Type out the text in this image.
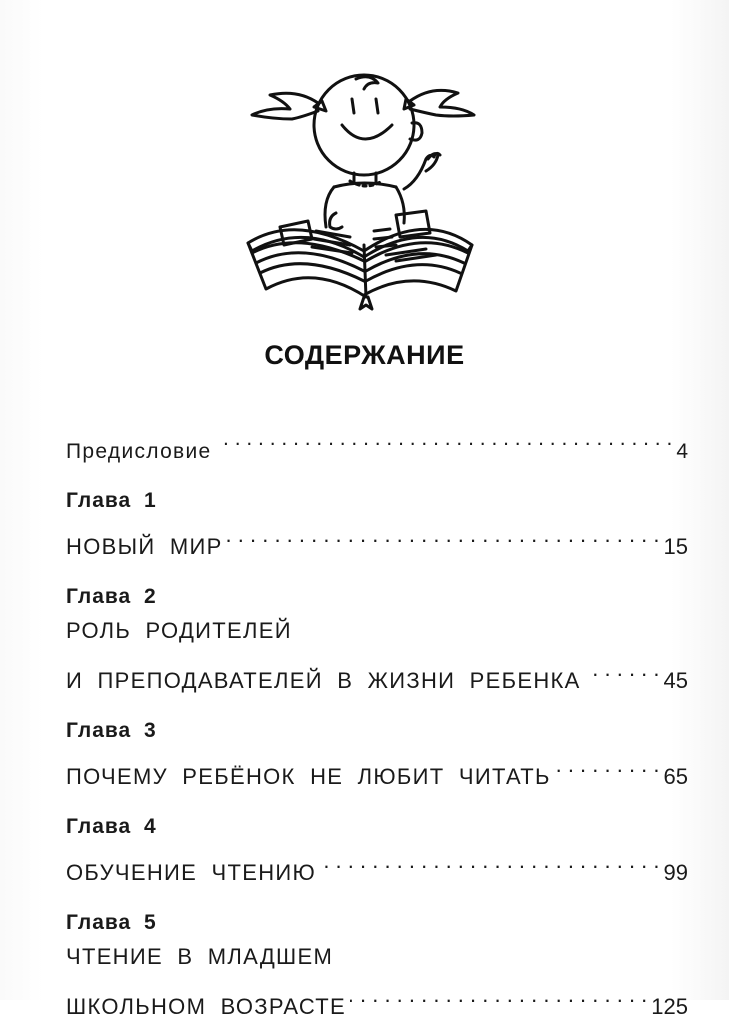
СОДЕРЖАНИЕ
Предисловие . . .	4
Глава 1
НОВЫЙ МИР . . .	15
Глава 2
РОЛЬ РОДИТЕЛЕЙ
И ПРЕПОДАВАТЕЛЕЙ В ЖИЗНИ РЕБЕНКА . . .	45
Глава 3
ПОЧЕМУ РЕБЁНОК НЕ ЛЮБИТ ЧИТАТЬ . . .	65
Глава 4
ОБУЧЕНИЕ ЧТЕНИЮ . . .	99
Глава 5
ЧТЕНИЕ В МЛАДШЕМ
ШКОЛЬНОМ ВОЗРАСТЕ . . .	125
